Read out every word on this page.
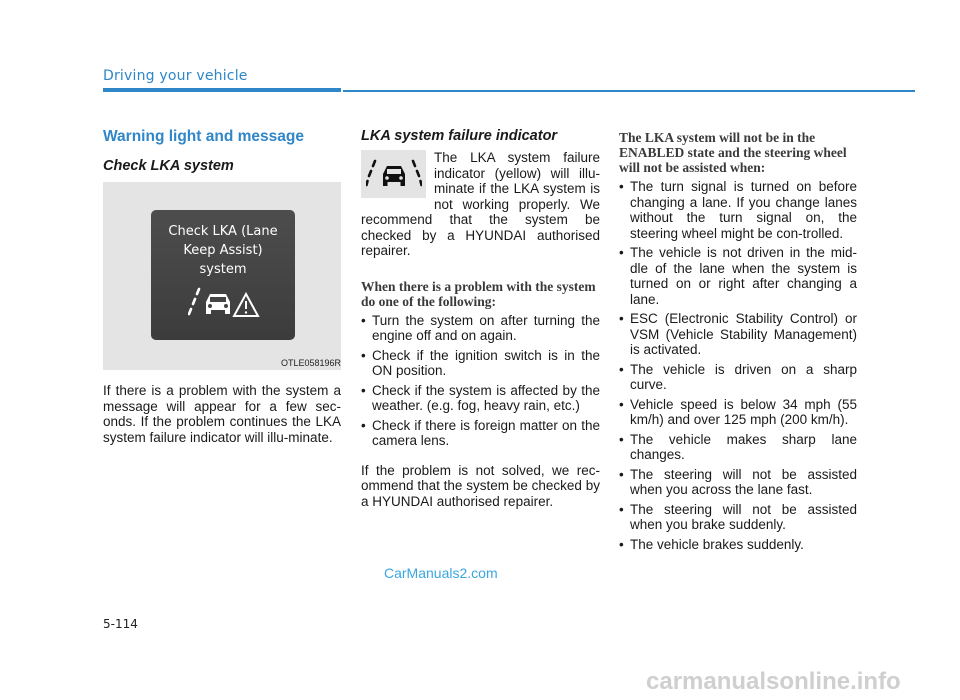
Driving your vehicle
Warning light and message
Check LKA system
Check LKA (Lane
Keep Assist)
system
OTLE058196R

If there is a problem with the system a message will appear for a few sec-onds. If the problem continues the LKA system failure indicator will illu-minate.

LKA system failure indicator

The LKA system failure indicator (yellow) will illu-minate if the LKA system is not working properly. We recommend that the system be checked by a HYUNDAI authorised repairer.

When there is a problem with the system do one of the following:
• Turn the system on after turning the engine off and on again.
• Check if the ignition switch is in the ON position.
• Check if the system is affected by the weather. (e.g. fog, heavy rain, etc.)
• Check if there is foreign matter on the camera lens.

If the problem is not solved, we rec-ommend that the system be checked by a HYUNDAI authorised repairer.

The LKA system will not be in the ENABLED state and the steering wheel will not be assisted when:
• The turn signal is turned on before changing a lane. If you change lanes without the turn signal on, the steering wheel might be con-trolled.
• The vehicle is not driven in the mid-dle of the lane when the system is turned on or right after changing a lane.
• ESC (Electronic Stability Control) or VSM (Vehicle Stability Management) is activated.
• The vehicle is driven on a sharp curve.
• Vehicle speed is below 34 mph (55 km/h) and over 125 mph (200 km/h).
• The vehicle makes sharp lane changes.
• The steering will not be assisted when you across the lane fast.
• The steering will not be assisted when you brake suddenly.
• The vehicle brakes suddenly.
CarManuals2.com
5-114
carmanualsonline.info
